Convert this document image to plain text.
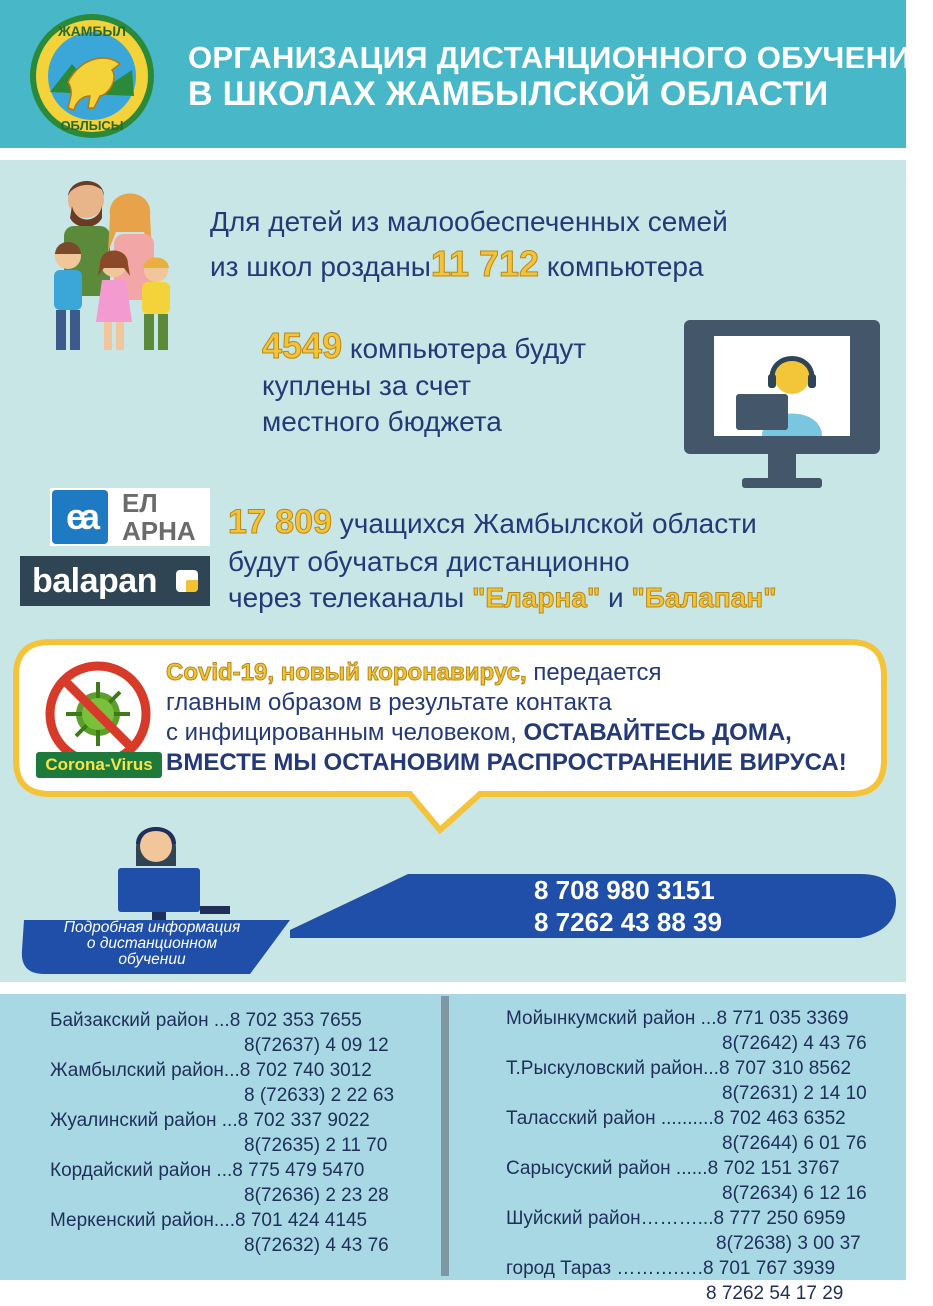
ЖАМБЫЛ
ОБЛЫСЫ
ОРГАНИЗАЦИЯ ДИСТАНЦИОННОГО ОБУЧЕНИЯ
В ШКОЛАХ ЖАМБЫЛСКОЙ ОБЛАСТИ
Для детей из малообеспеченных семей
из школ розданы11 712 компьютера
4549 компьютера будут
куплены за счет
местного бюджета
ea	ЕЛ
АРНА
balapan
17 809 учащихся Жамбылской области
будут обучаться дистанционно
через телеканалы "Еларна" и "Балапан"
Corona-Virus
Covid-19, новый коронавирус, передается
главным образом в результате контакта
с инфицированным человеком, ОСТАВАЙТЕСЬ ДОМА,
ВМЕСТЕ МЫ ОСТАНОВИМ РАСПРОСТРАНЕНИЕ ВИРУСА!
8 708 980 3151
8 7262 43 88 39
Подробная информация
о дистанционном
обучении
Байзакский район ...8 702 353 7655
8(72637) 4 09 12
Жамбылский район...8 702 740 3012
8 (72633) 2 22 63
Жуалинский район ...8 702 337 9022
8(72635) 2 11 70
Кордайский район ...8 775 479 5470
8(72636) 2 23 28
Меркенский район....8 701 424 4145
8(72632) 4 43 76
Мойынкумский район ...8 771 035 3369
8(72642) 4 43 76
Т.Рыскуловский район...8 707 310 8562
8(72631) 2 14 10
Таласский район ..........8 702 463 6352
8(72644) 6 01 76
Сарысуский район ......8 702 151 3767
8(72634) 6 12 16
Шуйский район………...8 777 250 6959
8(72638) 3 00 37
город Тараз ……….….8 701 767 3939
8 7262 54 17 29
